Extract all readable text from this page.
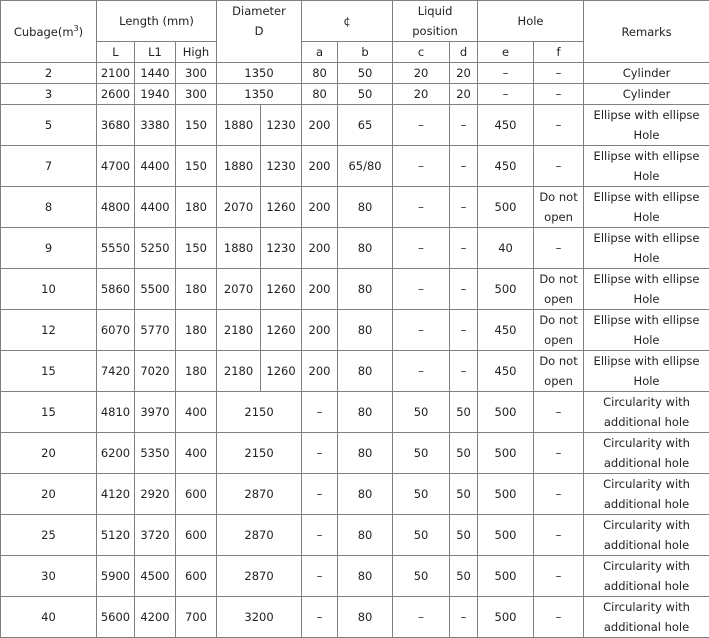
$Cubage(m^3)$	Length (mm)			Diameter
D		¢		Liquid position		Hole		Remarks
	L	L1	High			a	b	c	d	e	f	
2	2100	1440	300	1350		80	50	20	20	–	–	Cylinder
3	2600	1940	300	1350		80	50	20	20	–	–	Cylinder
5	3680	3380	150	1880	1230	200	65	–	–	450	–	Ellipse with ellipse Hole
7	4700	4400	150	1880	1230	200	65/80	–	–	450	–	Ellipse with ellipse Hole
8	4800	4400	180	2070	1260	200	80	–	–	500	Do not open	Ellipse with ellipse Hole
9	5550	5250	150	1880	1230	200	80	–	–	40	–	Ellipse with ellipse Hole
10	5860	5500	180	2070	1260	200	80	–	–	500	Do not open	Ellipse with ellipse Hole
12	6070	5770	180	2180	1260	200	80	–	–	450	Do not open	Ellipse with ellipse Hole
15	7420	7020	180	2180	1260	200	80	–	–	450	Do not open	Ellipse with ellipse Hole
15	4810	3970	400	2150		–	80	50	50	500	–	Circularity with additional hole
20	6200	5350	400	2150		–	80	50	50	500	–	Circularity with additional hole
20	4120	2920	600	2870		–	80	50	50	500	–	Circularity with additional hole
25	5120	3720	600	2870		–	80	50	50	500	–	Circularity with additional hole
30	5900	4500	600	2870		–	80	50	50	500	–	Circularity with additional hole
40	5600	4200	700	3200		–	80	–	–	500	–	Circularity with additional hole
